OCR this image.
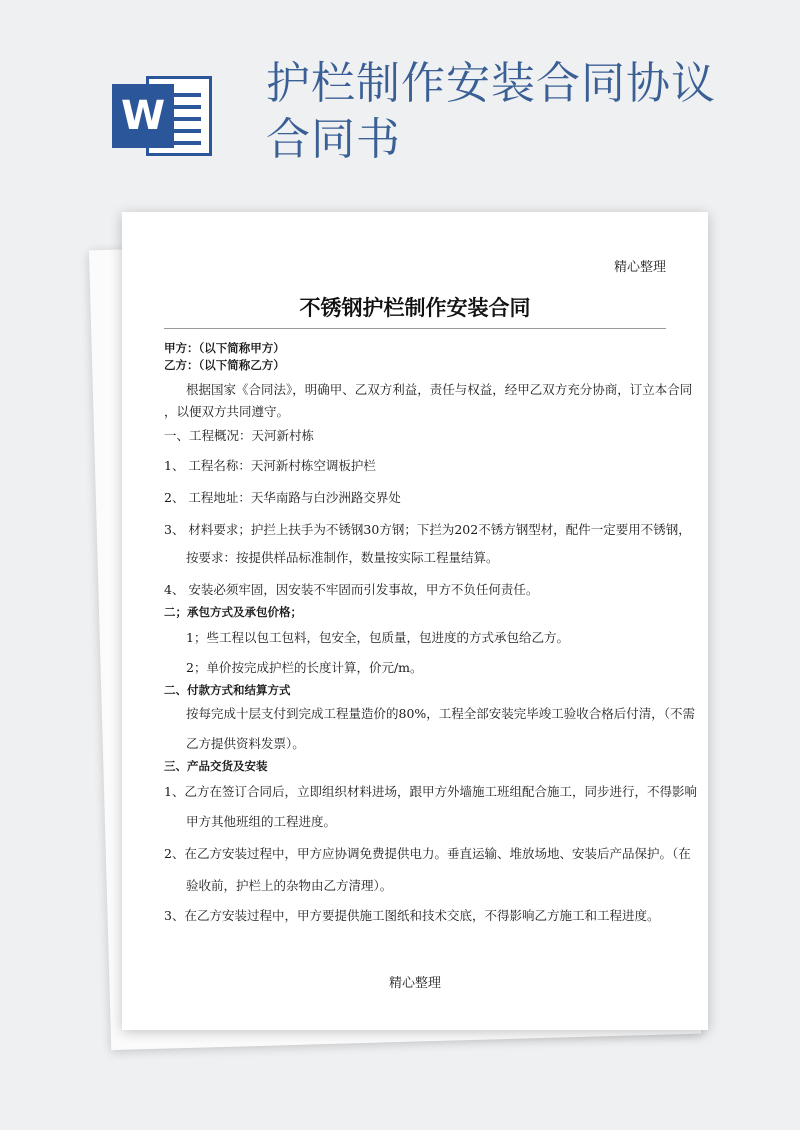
W
护栏制作安装合同协议
合同书
精心整理
不锈钢护栏制作安装合同
甲方：（以下简称甲方）
乙方：（以下简称乙方）
根据国家《合同法》，明确甲、乙双方利益，责任与权益，经甲乙双方充分协商，订立本合同
，以便双方共同遵守。
一、工程概况：天河新村栋
1、 工程名称：天河新村栋空调板护栏
2、 工程地址：天华南路与白沙洲路交界处
3、 材料要求；护拦上扶手为不锈钢30方钢；下拦为202不锈方钢型材，配件一定要用不锈钢，
按要求：按提供样品标准制作，数量按实际工程量结算。
4、 安装必须牢固，因安装不牢固而引发事故，甲方不负任何责任。
二；承包方式及承包价格；
1；些工程以包工包料，包安全，包质量，包进度的方式承包给乙方。
2；单价按完成护栏的长度计算，价元/m。
二、付款方式和结算方式
按每完成十层支付到完成工程量造价的80%，工程全部安装完毕竣工验收合格后付清，（不需
乙方提供资料发票）。
三、产品交货及安装
1、乙方在签订合同后，立即组织材料进场，跟甲方外墙施工班组配合施工，同步进行，不得影响
甲方其他班组的工程进度。
2、在乙方安装过程中，甲方应协调免费提供电力。垂直运输、堆放场地、安装后产品保护。（在
验收前，护栏上的杂物由乙方清理）。
3、在乙方安装过程中，甲方要提供施工图纸和技术交底，不得影响乙方施工和工程进度。
精心整理
